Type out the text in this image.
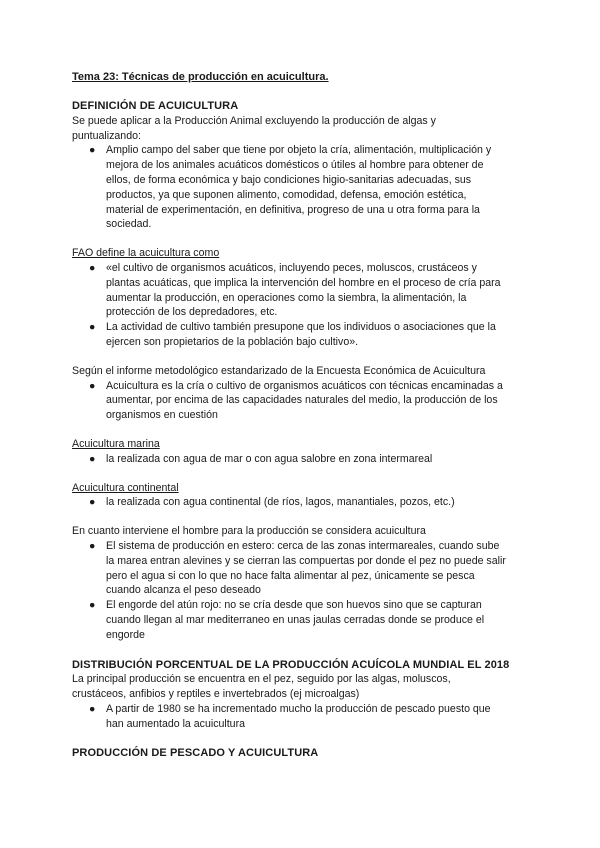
Tema 23: Técnicas de producción en acuicultura.
DEFINICIÓN DE ACUICULTURA
Se puede aplicar a la Producción Animal excluyendo la producción de algas y
puntualizando:
● Amplio campo del saber que tiene por objeto la cría, alimentación, multiplicación y
mejora de los animales acuáticos domésticos o útiles al hombre para obtener de
ellos, de forma económica y bajo condiciones higio-sanitarias adecuadas, sus
productos, ya que suponen alimento, comodidad, defensa, emoción estética,
material de experimentación, en definitiva, progreso de una u otra forma para la
sociedad.
FAO define la acuicultura como
● «el cultivo de organismos acuáticos, incluyendo peces, moluscos, crustáceos y
plantas acuáticas, que implica la intervención del hombre en el proceso de cría para
aumentar la producción, en operaciones como la siembra, la alimentación, la
protección de los depredadores, etc.
● La actividad de cultivo también presupone que los individuos o asociaciones que la
ejercen son propietarios de la población bajo cultivo».
Según el informe metodológico estandarizado de la Encuesta Económica de Acuicultura
● Acuicultura es la cría o cultivo de organismos acuáticos con técnicas encaminadas a
aumentar, por encima de las capacidades naturales del medio, la producción de los
organismos en cuestión
Acuicultura marina
● la realizada con agua de mar o con agua salobre en zona intermareal
Acuicultura continental
● la realizada con agua continental (de ríos, lagos, manantiales, pozos, etc.)
En cuanto interviene el hombre para la producción se considera acuicultura
● El sistema de producción en estero: cerca de las zonas intermareales, cuando sube
la marea entran alevines y se cierran las compuertas por donde el pez no puede salir
pero el agua si con lo que no hace falta alimentar al pez, únicamente se pesca
cuando alcanza el peso deseado
● El engorde del atún rojo: no se cría desde que son huevos sino que se capturan
cuando llegan al mar mediterraneo en unas jaulas cerradas donde se produce el
engorde
DISTRIBUCIÓN PORCENTUAL DE LA PRODUCCIÓN ACUÍCOLA MUNDIAL EL 2018
La principal producción se encuentra en el pez, seguido por las algas, moluscos,
crustáceos, anfibios y reptiles e invertebrados (ej microalgas)
● A partir de 1980 se ha incrementado mucho la producción de pescado puesto que
han aumentado la acuicultura
PRODUCCIÓN DE PESCADO Y ACUICULTURA
